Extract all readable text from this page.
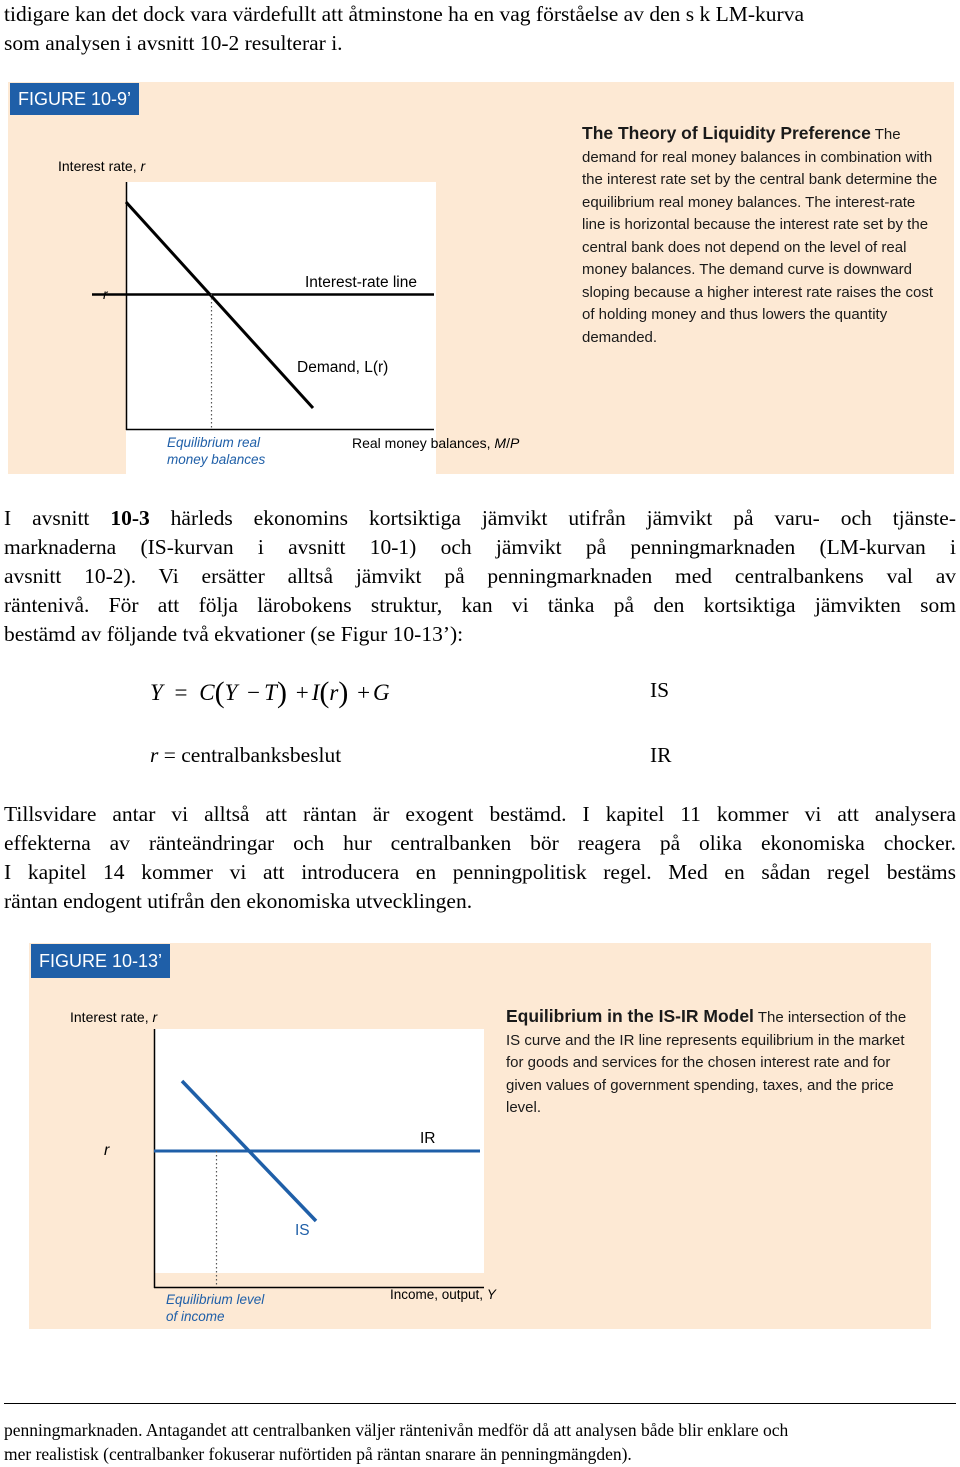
tidigare kan det dock vara värdefullt att åtminstone ha en vag förståelse av den s k LM-kurva
som analysen i avsnitt 10-2 resulterar i.
FIGURE 10-9’
Interest rate, r
r
Interest-rate line
Demand, L(r)
Equilibrium real
money balances
Real money balances, M/P
The Theory of Liquidity Preference The demand for real money balances in combination with the interest rate set by the central bank determine the equilibrium real money balances. The interest-rate line is horizontal because the interest rate set by the central bank does not depend on the level of real money balances. The demand curve is downward sloping because a higher interest rate raises the cost of holding money and thus lowers the quantity demanded.
I avsnitt 10-3 härleds ekonomins kortsiktiga jämvikt utifrån jämvikt på varu- och tjänste-
marknaderna (IS-kurvan i avsnitt 10-1) och jämvikt på penningmarknaden (LM-kurvan i
avsnitt 10-2). Vi ersätter alltså jämvikt på penningmarknaden med centralbankens val av
räntenivå. För att följa lärobokens struktur, kan vi tänka på den kortsiktiga jämvikten som
bestämd av följande två ekvationer (se Figur 10-13’):
Y = C(Y − T) + I(r) + G	IS
r = centralbanksbeslut	IR
Tillsvidare antar vi alltså att räntan är exogent bestämd. I kapitel 11 kommer vi att analysera
effekterna av ränteändringar och hur centralbanken bör reagera på olika ekonomiska chocker.
I kapitel 14 kommer vi att introducera en penningpolitisk regel. Med en sådan regel bestäms
räntan endogent utifrån den ekonomiska utvecklingen.
FIGURE 10-13’
Interest rate, r
r
IR
IS
Equilibrium level
of income
Income, output, Y
Equilibrium in the IS-IR Model The intersection of the IS curve and the IR line represents equilibrium in the market for goods and services for the chosen interest rate and for given values of government spending, taxes, and the price level.
penningmarknaden. Antagandet att centralbanken väljer räntenivån medför då att analysen både blir enklare och
mer realistisk (centralbanker fokuserar nuförtiden på räntan snarare än penningmängden).
